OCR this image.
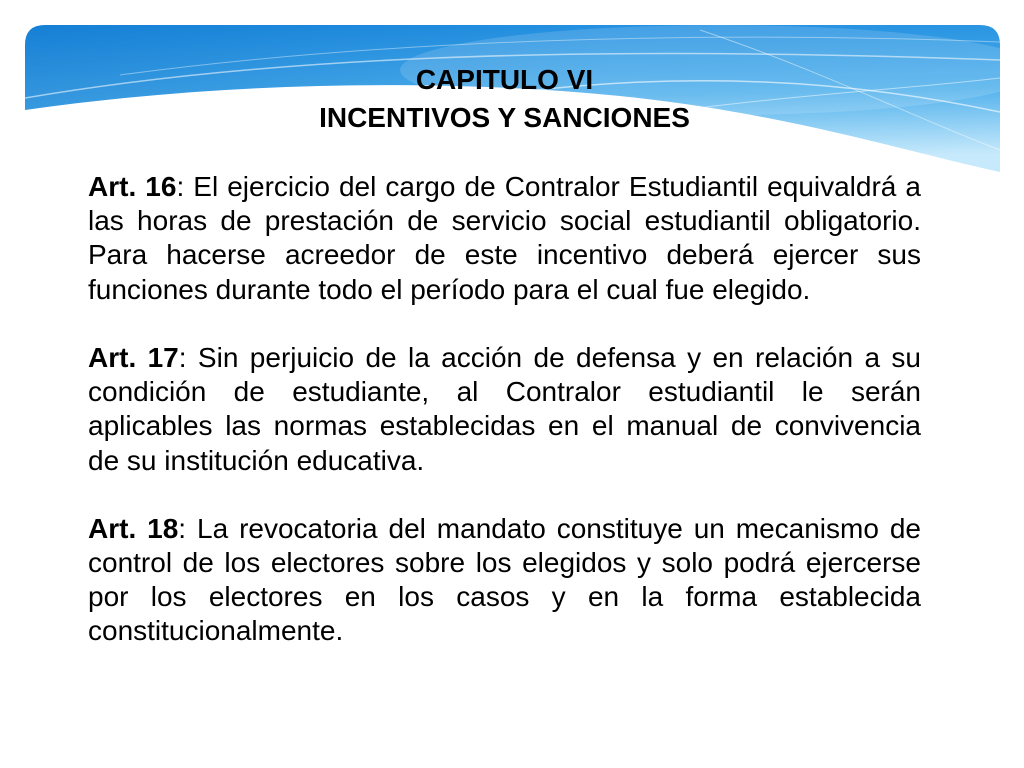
CAPITULO VI
INCENTIVOS Y SANCIONES
Art. 16: El ejercicio del cargo de Contralor Estudiantil equivaldrá a
las horas de prestación de servicio social estudiantil obligatorio.
Para hacerse acreedor de este incentivo deberá ejercer sus
funciones durante todo el período para el cual fue elegido.
Art. 17: Sin perjuicio de la acción de defensa y en relación a su
condición de estudiante, al Contralor estudiantil le serán
aplicables las normas establecidas en el manual de convivencia
de su institución educativa.
Art. 18: La revocatoria del mandato constituye un mecanismo de
control de los electores sobre los elegidos y solo podrá ejercerse
por los electores en los casos y en la forma establecida
constitucionalmente.
